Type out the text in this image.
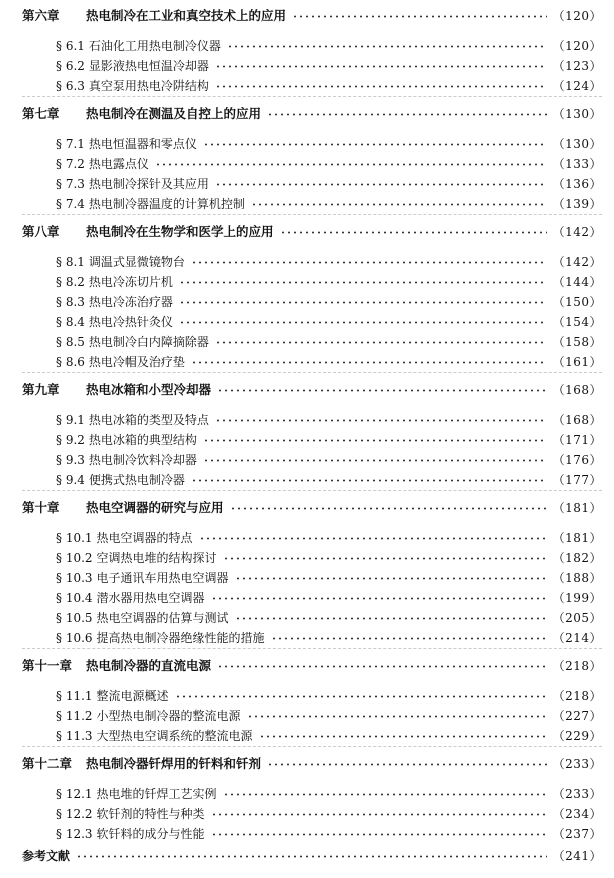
第六章	热电制冷在工业和真空技术上的应用	（120）
§ 6.1 石油化工用热电制冷仪器	（120）
§ 6.2 显影液热电恒温冷却器	（123）
§ 6.3 真空泵用热电冷阱结构	（124）
第七章	热电制冷在测温及自控上的应用	（130）
§ 7.1 热电恒温器和零点仪	（130）
§ 7.2 热电露点仪	（133）
§ 7.3 热电制冷探针及其应用	（136）
§ 7.4 热电制冷器温度的计算机控制	（139）
第八章	热电制冷在生物学和医学上的应用	（142）
§ 8.1 调温式显微镜物台	（142）
§ 8.2 热电冷冻切片机	（144）
§ 8.3 热电冷冻治疗器	（150）
§ 8.4 热电冷热针灸仪	（154）
§ 8.5 热电制冷白内障摘除器	（158）
§ 8.6 热电冷帽及治疗垫	（161）
第九章	热电冰箱和小型冷却器	（168）
§ 9.1 热电冰箱的类型及特点	（168）
§ 9.2 热电冰箱的典型结构	（171）
§ 9.3 热电制冷饮料冷却器	（176）
§ 9.4 便携式热电制冷器	（177）
第十章	热电空调器的研究与应用	（181）
§ 10.1 热电空调器的特点	（181）
§ 10.2 空调热电堆的结构探讨	（182）
§ 10.3 电子通讯车用热电空调器	（188）
§ 10.4 潜水器用热电空调器	（199）
§ 10.5 热电空调器的估算与测试	（205）
§ 10.6 提高热电制冷器绝缘性能的措施	（214）
第十一章	热电制冷器的直流电源	（218）
§ 11.1 整流电源概述	（218）
§ 11.2 小型热电制冷器的整流电源	（227）
§ 11.3 大型热电空调系统的整流电源	（229）
第十二章	热电制冷器钎焊用的钎料和钎剂	（233）
§ 12.1 热电堆的钎焊工艺实例	（233）
§ 12.2 软钎剂的特性与种类	（234）
§ 12.3 软钎料的成分与性能	（237）
参考文献	（241）
